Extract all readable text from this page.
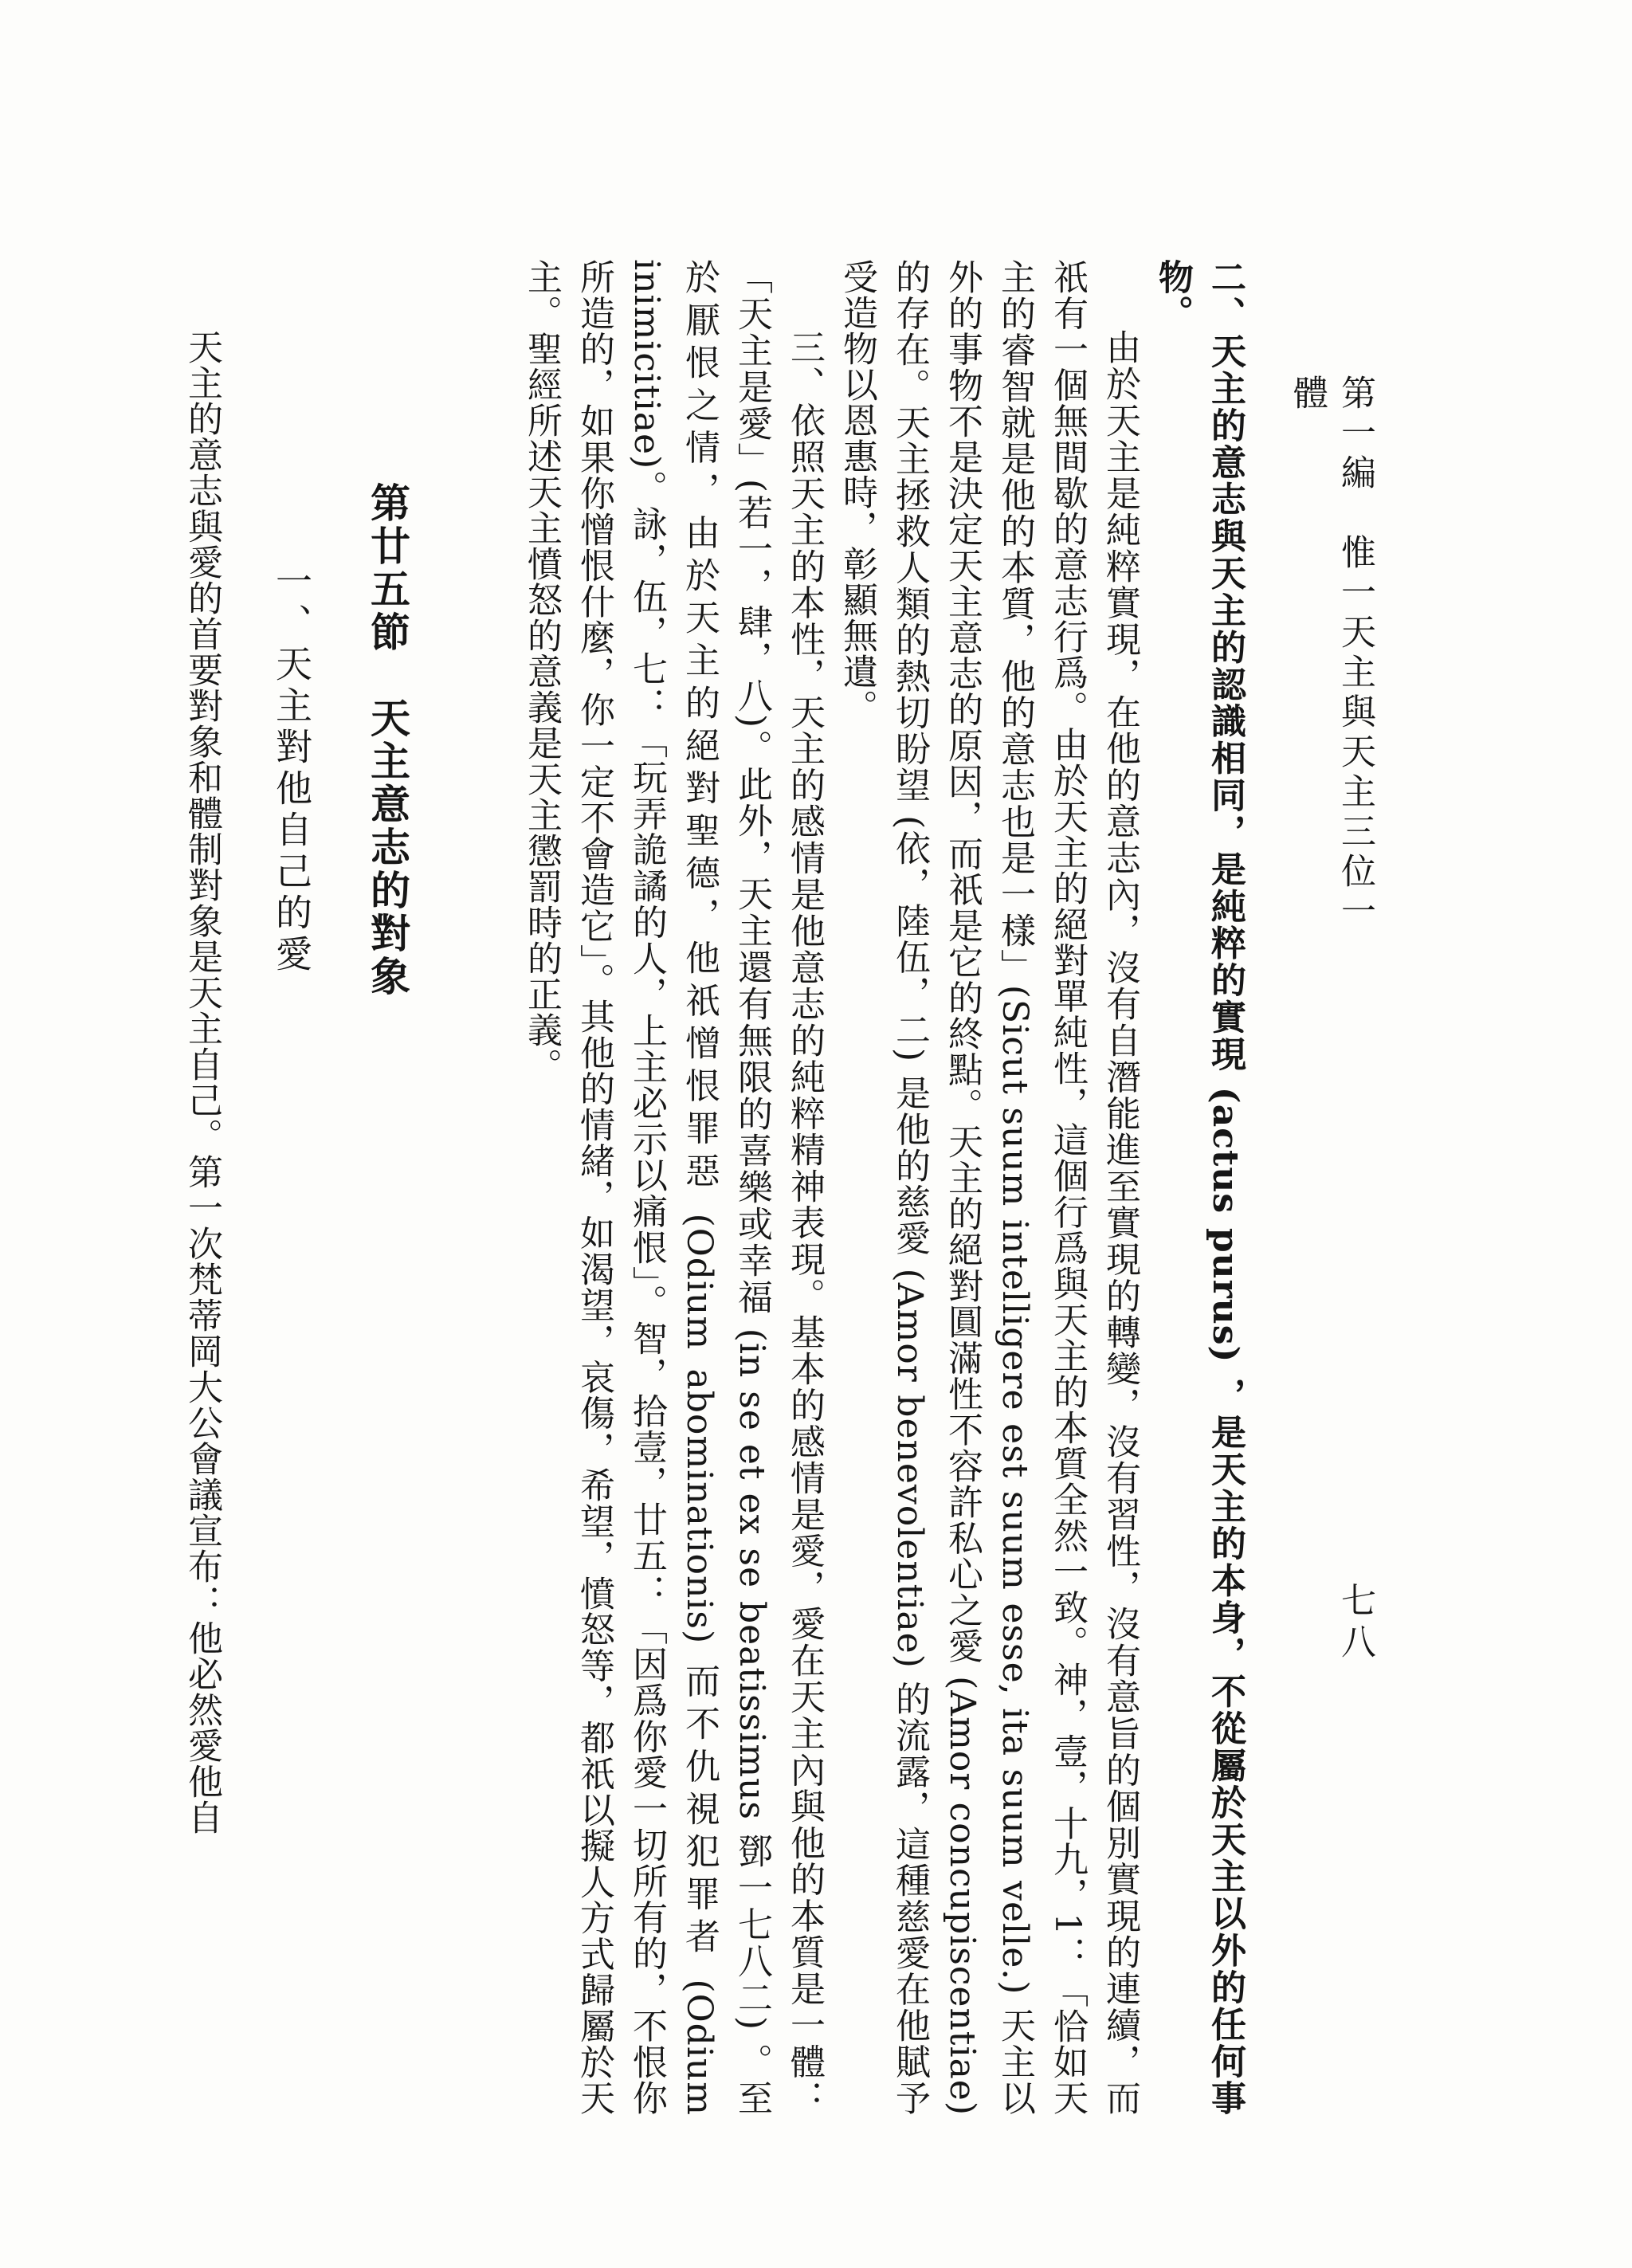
第一編　惟一天主與天主三位一體
七八

二、天主的意志與天主的認識相同，是純粹的實現 (actus purus) ，是天主的本身，不從屬於天主以外的任何事物。

由於天主是純粹實現，在他的意志內，沒有自潛能進至實現的轉變，沒有習性，沒有意旨的個別實現的連續，而祇有一個無間歇的意志行爲。由於天主的絕對單純性，這個行爲與天主的本質全然一致。神，壹，十九，1：「恰如天主的睿智就是他的本質，他的意志也是一樣」(Sicut suum intelligere est suum esse, ita suum velle.) 天主以外的事物不是決定天主意志的原因，而祇是它的終點。天主的絕對圓滿性不容許私心之愛 (Amor concupiscentiae) 的存在。天主拯救人類的熱切盼望 (依，陸伍，二) 是他的慈愛 (Amor benevolentiae) 的流露，這種慈愛在他賦予受造物以恩惠時，彰顯無遺。

三、依照天主的本性，天主的感情是他意志的純粹精神表現。基本的感情是愛，愛在天主內與他的本質是一體：「天主是愛」(若一，肆，八)。此外，天主還有無限的喜樂或幸福 (in se et ex se beatissimus 鄧一七八二) 。至於厭恨之情，由於天主的絕對聖德，他祇憎恨罪惡 (Odium abominationis) 而不仇視犯罪者 (Odium inimicitiae)。詠，伍，七：「玩弄詭譎的人，上主必示以痛恨」。智，拾壹，廿五：「因爲你愛一切所有的，不恨你所造的，如果你憎恨什麼，你一定不會造它」。其他的情緒，如渴望，哀傷，希望，憤怒等，都祇以擬人方式歸屬於天主。聖經所述天主憤怒的意義是天主懲罰時的正義。

第廿五節　天主意志的對象

一、天主對他自己的愛

天主的意志與愛的首要對象和體制對象是天主自己。第一次梵蒂岡大公會議宣布：他必然愛他自
